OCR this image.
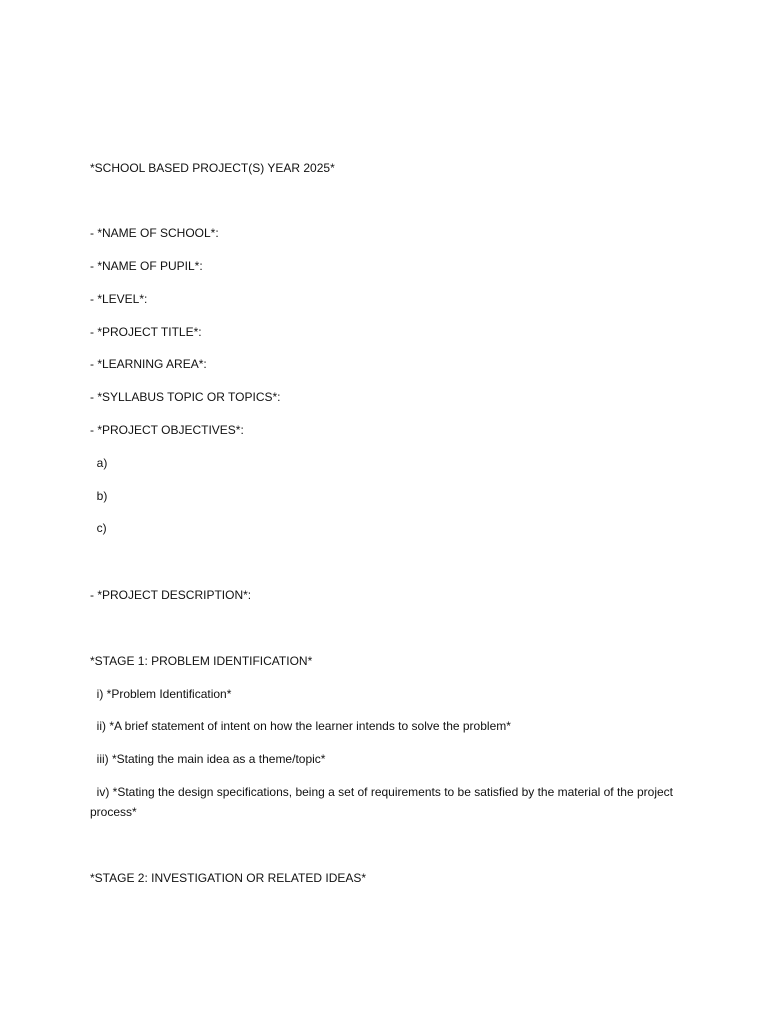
*SCHOOL BASED PROJECT(S) YEAR 2025*
- *NAME OF SCHOOL*:
- *NAME OF PUPIL*:
- *LEVEL*:
- *PROJECT TITLE*:
- *LEARNING AREA*:
- *SYLLABUS TOPIC OR TOPICS*:
- *PROJECT OBJECTIVES*:
a)
b)
c)
- *PROJECT DESCRIPTION*:
*STAGE 1: PROBLEM IDENTIFICATION*
i) *Problem Identification*
ii) *A brief statement of intent on how the learner intends to solve the problem*
iii) *Stating the main idea as a theme/topic*
iv) *Stating the design specifications, being a set of requirements to be satisfied by the material of the project process*
*STAGE 2: INVESTIGATION OR RELATED IDEAS*
